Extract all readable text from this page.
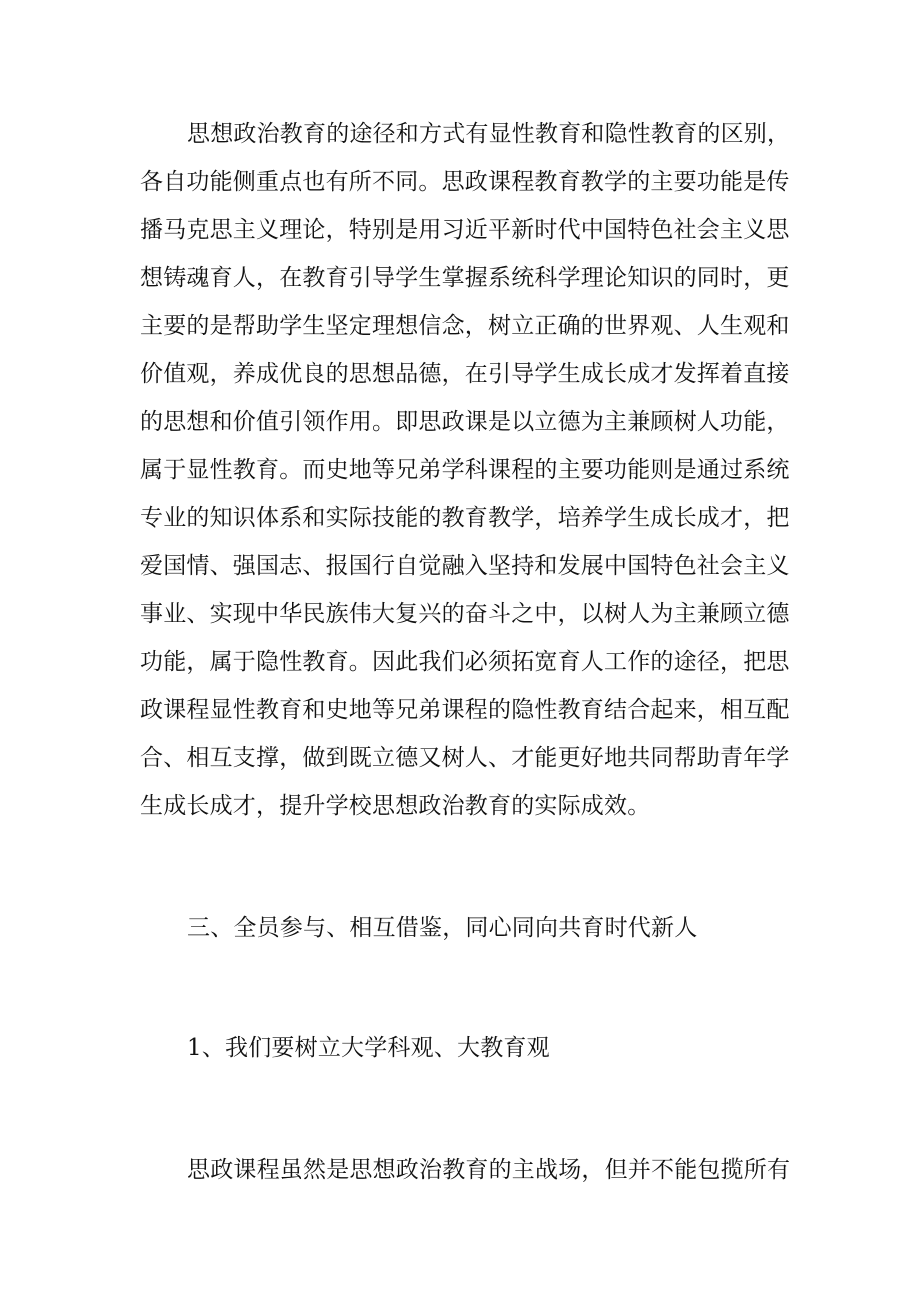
思想政治教育的途径和方式有显性教育和隐性教育的区别，
各自功能侧重点也有所不同。思政课程教育教学的主要功能是传
播马克思主义理论，特别是用习近平新时代中国特色社会主义思
想铸魂育人，在教育引导学生掌握系统科学理论知识的同时，更
主要的是帮助学生坚定理想信念，树立正确的世界观、人生观和
价值观，养成优良的思想品德，在引导学生成长成才发挥着直接
的思想和价值引领作用。即思政课是以立德为主兼顾树人功能，
属于显性教育。而史地等兄弟学科课程的主要功能则是通过系统
专业的知识体系和实际技能的教育教学，培养学生成长成才，把
爱国情、强国志、报国行自觉融入坚持和发展中国特色社会主义
事业、实现中华民族伟大复兴的奋斗之中，以树人为主兼顾立德
功能，属于隐性教育。因此我们必须拓宽育人工作的途径，把思
政课程显性教育和史地等兄弟课程的隐性教育结合起来，相互配
合、相互支撑，做到既立德又树人、才能更好地共同帮助青年学
生成长成才，提升学校思想政治教育的实际成效。
三、全员参与、相互借鉴，同心同向共育时代新人
1、我们要树立大学科观、大教育观
思政课程虽然是思想政治教育的主战场，但并不能包揽所有
